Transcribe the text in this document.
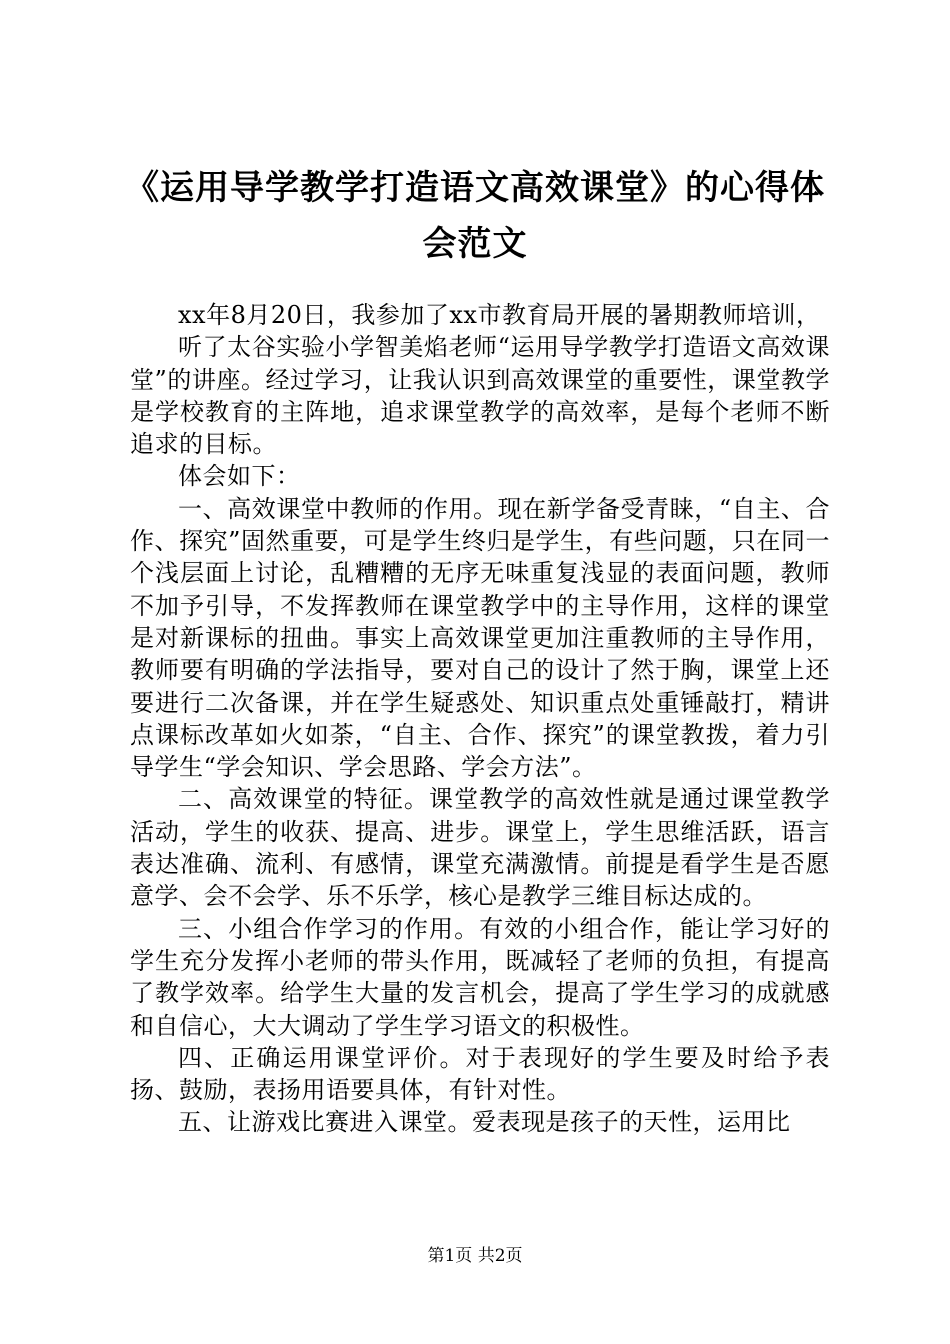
《运用导学教学打造语文高效课堂》的心得体
会范文

xx年8月20日，我参加了xx市教育局开展的暑期教师培训，

听了太谷实验小学智美焰老师“运用导学教学打造语文高效课堂”的讲座。经过学习，让我认识到高效课堂的重要性，课堂教学是学校教育的主阵地，追求课堂教学的高效率，是每个老师不断追求的目标。

体会如下：

一、高效课堂中教师的作用。现在新学备受青睐，“自主、合作、探究”固然重要，可是学生终归是学生，有些问题，只在同一个浅层面上讨论，乱糟糟的无序无味重复浅显的表面问题，教师不加予引导，不发挥教师在课堂教学中的主导作用，这样的课堂是对新课标的扭曲。事实上高效课堂更加注重教师的主导作用，教师要有明确的学法指导，要对自己的设计了然于胸，课堂上还要进行二次备课，并在学生疑惑处、知识重点处重锤敲打，精讲点课标改革如火如荼，“自主、合作、探究”的课堂教拨，着力引导学生“学会知识、学会思路、学会方法”。

二、高效课堂的特征。课堂教学的高效性就是通过课堂教学活动，学生的收获、提高、进步。课堂上，学生思维活跃，语言表达准确、流利、有感情，课堂充满激情。前提是看学生是否愿意学、会不会学、乐不乐学，核心是教学三维目标达成的。

三、小组合作学习的作用。有效的小组合作，能让学习好的学生充分发挥小老师的带头作用，既减轻了老师的负担，有提高了教学效率。给学生大量的发言机会，提高了学生学习的成就感和自信心，大大调动了学生学习语文的积极性。

四、正确运用课堂评价。对于表现好的学生要及时给予表扬、鼓励，表扬用语要具体，有针对性。

五、让游戏比赛进入课堂。爱表现是孩子的天性，运用比

第1页 共2页
